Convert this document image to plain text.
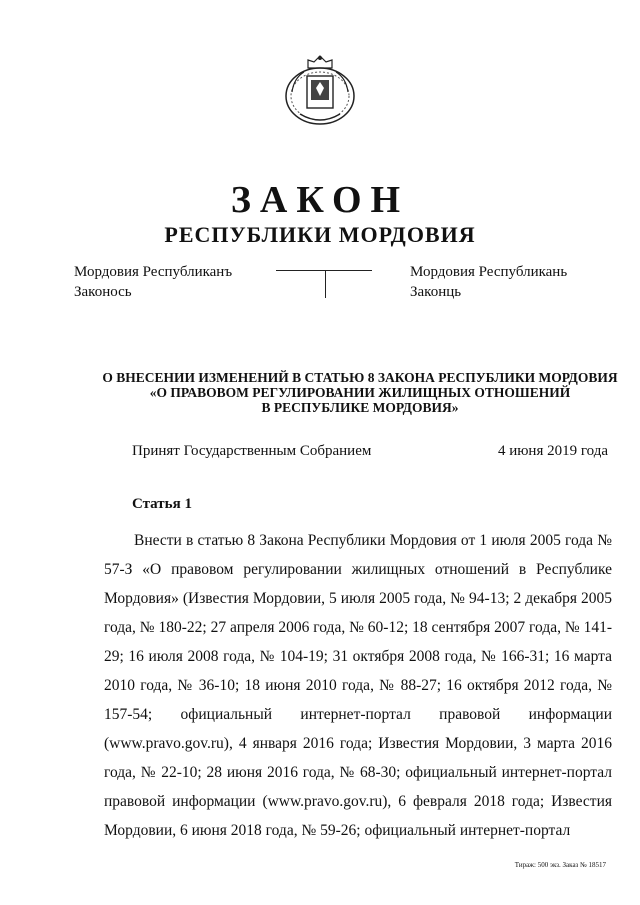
ЗАКОН
РЕСПУБЛИКИ МОРДОВИЯ
Мордовия Республиканъ
Законось
Мордовия Республикань
Законць
О ВНЕСЕНИИ ИЗМЕНЕНИЙ В СТАТЬЮ 8 ЗАКОНА РЕСПУБЛИКИ МОРДОВИЯ
«О ПРАВОВОМ РЕГУЛИРОВАНИИ ЖИЛИЩНЫХ ОТНОШЕНИЙ
В РЕСПУБЛИКЕ МОРДОВИЯ»
Принят Государственным Собранием	4 июня 2019 года
Статья 1

Внести в статью 8 Закона Республики Мордовия от 1 июля 2005 года № 57-З «О правовом регулировании жилищных отношений в Республике Мордовия» (Известия Мордовии, 5 июля 2005 года, № 94-13; 2 декабря 2005 года, № 180-22; 27 апреля 2006 года, № 60-12; 18 сентября 2007 года, № 141-29; 16 июля 2008 года, № 104-19; 31 октября 2008 года, № 166-31; 16 марта 2010 года, № 36-10; 18 июня 2010 года, № 88-27; 16 октября 2012 года, № 157-54; официальный интернет-портал правовой информации (www.pravo.gov.ru), 4 января 2016 года; Известия Мордовии, 3 марта 2016 года, № 22-10; 28 июня 2016 года, № 68-30; официальный интернет-портал правовой информации (www.pravo.gov.ru), 6 февраля 2018 года; Известия Мордовии, 6 июня 2018 года, № 59-26; официальный интернет-портал

Тираж: 500 экз. Заказ № 18517
